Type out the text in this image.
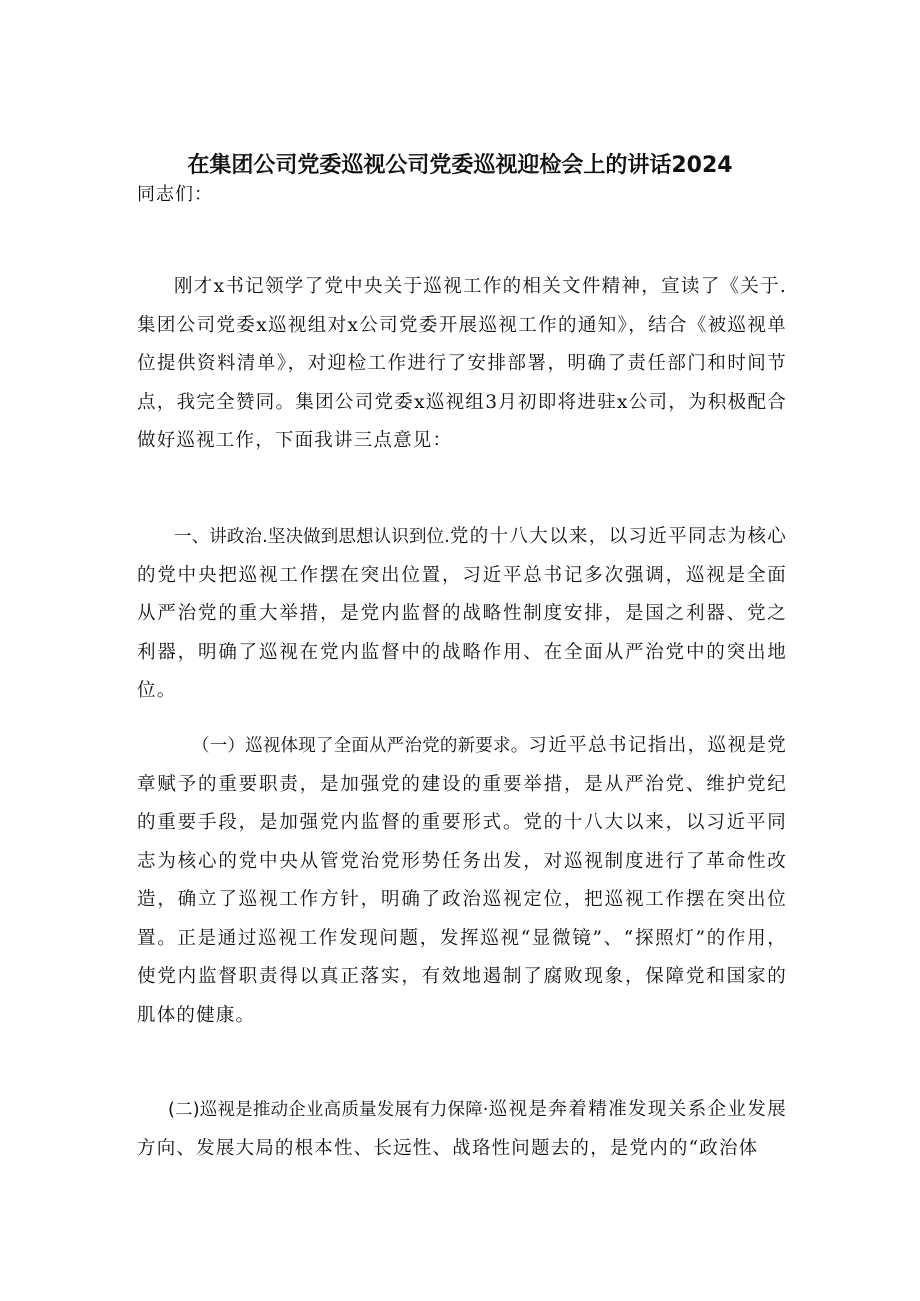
在集团公司党委巡视公司党委巡视迎检会上的讲话2024
同志们：

刚才x书记领学了党中央关于巡视工作的相关文件精神，宣读了《关于.集团公司党委x巡视组对x公司党委开展巡视工作的通知》，结合《被巡视单位提供资料清单》，对迎检工作进行了安排部署，明确了责任部门和时间节点，我完全赞同。集团公司党委x巡视组3月初即将进驻x公司，为积极配合做好巡视工作，下面我讲三点意见：

一、讲政治.坚决做到思想认识到位.党的十八大以来，以习近平同志为核心的党中央把巡视工作摆在突出位置，习近平总书记多次强调，巡视是全面从严治党的重大举措，是党内监督的战略性制度安排，是国之利器、党之利器，明确了巡视在党内监督中的战略作用、在全面从严治党中的突出地位。

（一）巡视体现了全面从严治党的新要求。习近平总书记指出，巡视是党章赋予的重要职责，是加强党的建设的重要举措，是从严治党、维护党纪的重要手段，是加强党内监督的重要形式。党的十八大以来，以习近平同志为核心的党中央从管党治党形势任务出发，对巡视制度进行了革命性改造，确立了巡视工作方针，明确了政治巡视定位，把巡视工作摆在突出位置。正是通过巡视工作发现问题，发挥巡视“显微镜”、“探照灯”的作用，使党内监督职责得以真正落实，有效地遏制了腐败现象，保障党和国家的肌体的健康。

(二)巡视是推动企业高质量发展有力保障·巡视是奔着精准发现关系企业发展方向、发展大局的根本性、长远性、战珞性问题去的，是党内的“政治体
